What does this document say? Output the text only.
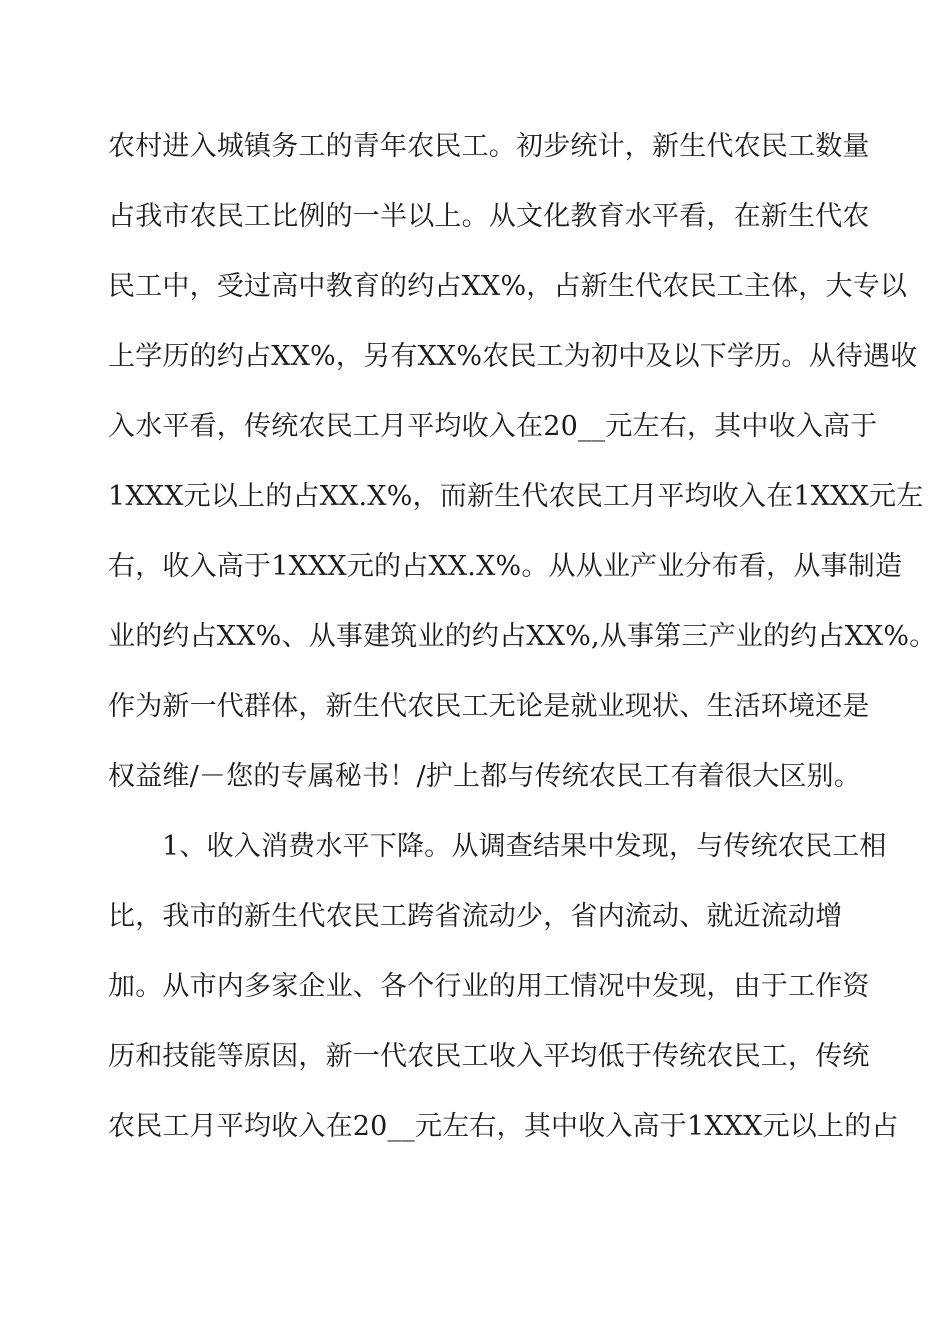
农村进入城镇务工的青年农民工。初步统计，新生代农民工数量
占我市农民工比例的一半以上。从文化教育水平看，在新生代农
民工中，受过高中教育的约占XX%，占新生代农民工主体，大专以
上学历的约占XX%，另有XX%农民工为初中及以下学历。从待遇收
入水平看，传统农民工月平均收入在20__元左右，其中收入高于
1XXX元以上的占XX.X%，而新生代农民工月平均收入在1XXX元左
右，收入高于1XXX元的占XX.X%。从从业产业分布看，从事制造
业的约占XX%、从事建筑业的约占XX%,从事第三产业的约占XX%。
作为新一代群体，新生代农民工无论是就业现状、生活环境还是
权益维/－您的专属秘书！/护上都与传统农民工有着很大区别。
1、收入消费水平下降。从调查结果中发现，与传统农民工相
比，我市的新生代农民工跨省流动少，省内流动、就近流动增
加。从市内多家企业、各个行业的用工情况中发现，由于工作资
历和技能等原因，新一代农民工收入平均低于传统农民工，传统
农民工月平均收入在20__元左右，其中收入高于1XXX元以上的占
